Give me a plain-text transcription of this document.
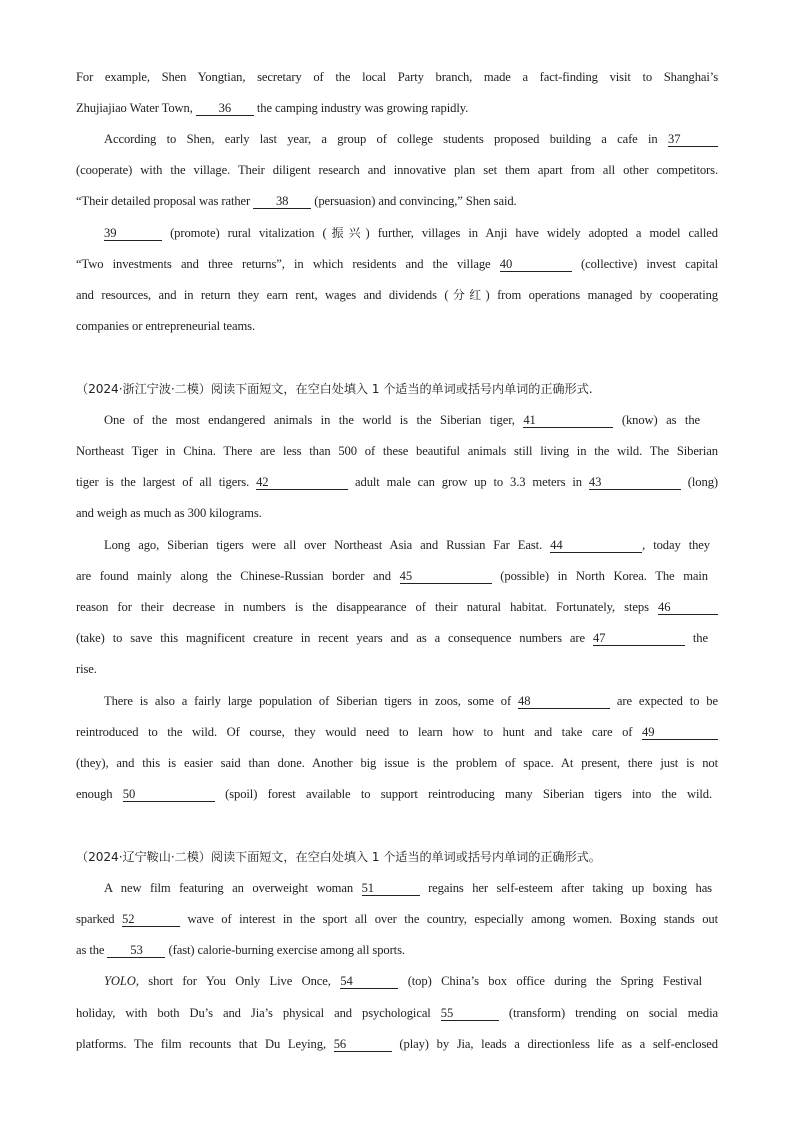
For example, Shen Yongtian, secretary of the local Party branch, made a fact-finding visit to Shanghai’s
Zhujiajiao Water Town, 36 the camping industry was growing rapidly.
According to Shen, early last year, a group of college students proposed building a cafe in 37
(cooperate) with the village. Their diligent research and innovative plan set them apart from all other competitors.
“Their detailed proposal was rather 38 (persuasion) and convincing,” Shen said.
39	(promote) rural vitalization (振兴) further, villages in Anji have widely adopted a model called
“Two investments and three returns”, in which residents and the village 40	(collective) invest capital
and resources, and in return they earn rent, wages and dividends (分红) from operations managed by cooperating
companies or entrepreneurial teams.
（2024·浙江宁波·二模）阅读下面短文，在空白处填入 1 个适当的单词或括号内单词的正确形式.
One of the most endangered animals in the world is the Siberian tiger, 41	(know) as the
Northeast Tiger in China. There are less than 500 of these beautiful animals still living in the wild. The Siberian
tiger is the largest of all tigers. 42	adult male can grow up to 3.3 meters in 43	(long)
and weigh as much as 300 kilograms.
Long ago, Siberian tigers were all over Northeast Asia and Russian Far East. 44	, today they
are found mainly along the Chinese-Russian border and 45	(possible) in North Korea. The main
reason for their decrease in numbers is the disappearance of their natural habitat. Fortunately, steps 46
(take) to save this magnificent creature in recent years and as a consequence numbers are 47	the
rise.
There is also a fairly large population of Siberian tigers in zoos, some of 48	are expected to be
reintroduced to the wild. Of course, they would need to learn how to hunt and take care of 49
(they), and this is easier said than done. Another big issue is the problem of space. At present, there just is not
enough 50	(spoil) forest available to support reintroducing many Siberian tigers into the wild.
（2024·辽宁鞍山·二模）阅读下面短文，在空白处填入 1 个适当的单词或括号内单词的正确形式。
A new film featuring an overweight woman 51	regains her self-esteem after taking up boxing has
sparked 52	wave of interest in the sport all over the country, especially among women. Boxing stands out
as the 53 (fast) calorie-burning exercise among all sports.
YOLO, short for You Only Live Once, 54	(top) China’s box office during the Spring Festival
holiday, with both Du’s and Jia’s physical and psychological 55	(transform) trending on social media
platforms. The film recounts that Du Leying, 56	(play) by Jia, leads a directionless life as a self-enclosed
